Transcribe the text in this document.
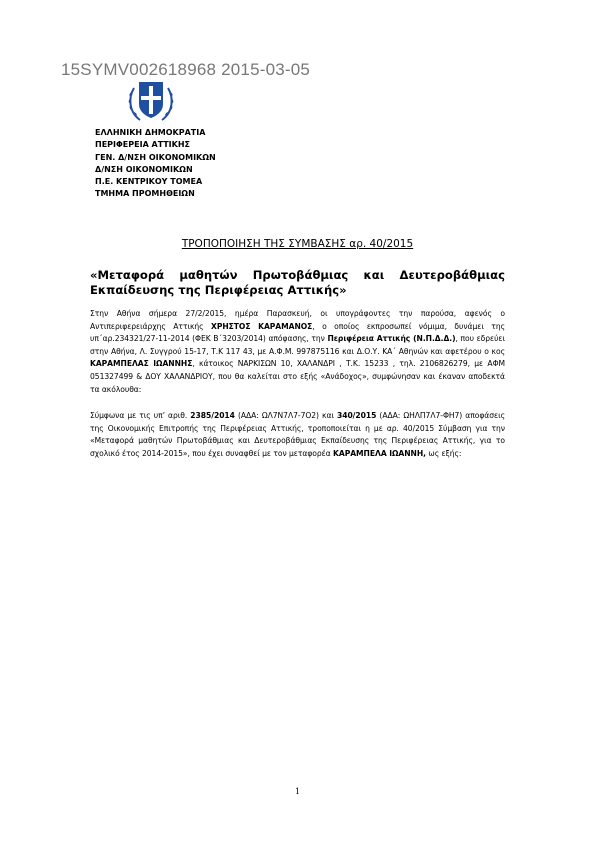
15SYMV002618968 2015-03-05
ΕΛΛΗΝΙΚΗ ΔΗΜΟΚΡΑΤΙΑ
ΠΕΡΙΦΕΡΕΙΑ ΑΤΤΙΚΗΣ
ΓΕΝ. Δ/ΝΣΗ ΟΙΚΟΝΟΜΙΚΩΝ
Δ/ΝΣΗ ΟΙΚΟΝΟΜΙΚΩΝ
Π.Ε. ΚΕΝΤΡΙΚΟΥ ΤΟΜΕΑ
ΤΜΗΜΑ ΠΡΟΜΗΘΕΙΩΝ
ΤΡΟΠΟΠΟΙΗΣΗ ΤΗΣ ΣΥΜΒΑΣΗΣ αρ. 40/2015
«Μεταφορά μαθητών Πρωτοβάθμιας και Δευτεροβάθμιας Εκπαίδευσης της Περιφέρειας Αττικής»
Στην Αθήνα σήμερα 27/2/2015, ημέρα Παρασκευή, οι υπογράφοντες την παρούσα, αφενός ο Αντιπεριφερειάρχης Αττικής ΧΡΗΣΤΟΣ ΚΑΡΑΜΑΝΟΣ, ο οποίος εκπροσωπεί νόμιμα, δυνάμει της υπ΄αρ.234321/27-11-2014 (ΦΕΚ Β΄3203/2014) απόφασης, την Περιφέρεια Αττικής (Ν.Π.Δ.Δ.), που εδρεύει στην Αθήνα, Λ. Συγγρού 15-17, Τ.Κ 117 43, με Α.Φ.Μ. 997875116 και Δ.Ο.Υ. ΚΑ΄ Αθηνών και αφετέρου ο κος ΚΑΡΑΜΠΕΛΑΣ ΙΩΑΝΝΗΣ, κάτοικος ΝΑΡΚΙΣΩΝ 10, ΧΑΛΑΝΔΡΙ , Τ.Κ. 15233 , τηλ. 2106826279, με ΑΦΜ 051327499 & ΔΟΥ ΧΑΛΑΝΔΡΙΟΥ, που θα καλείται στο εξής «Ανάδοχος», συμφώνησαν και έκαναν αποδεκτά τα ακόλουθα:
Σύμφωνα με τις υπ’ αριθ. 2385/2014 (ΑΔΑ: ΩΛ7Ν7Λ7-7Ο2) και 340/2015 (ΑΔΑ: ΩΗΛΠ7Λ7-ΦΗ7) αποφάσεις της Οικονομικής Επιτροπής της Περιφέρειας Αττικής, τροποποιείται η με αρ. 40/2015 Σύμβαση για την «Μεταφορά μαθητών Πρωτοβάθμιας και Δευτεροβάθμιας Εκπαίδευσης της Περιφέρειας Αττικής, για το σχολικό έτος 2014-2015», που έχει συναφθεί με τον μεταφορέα ΚΑΡΑΜΠΕΛΑ ΙΩΑΝΝΗ, ως εξής:
1
